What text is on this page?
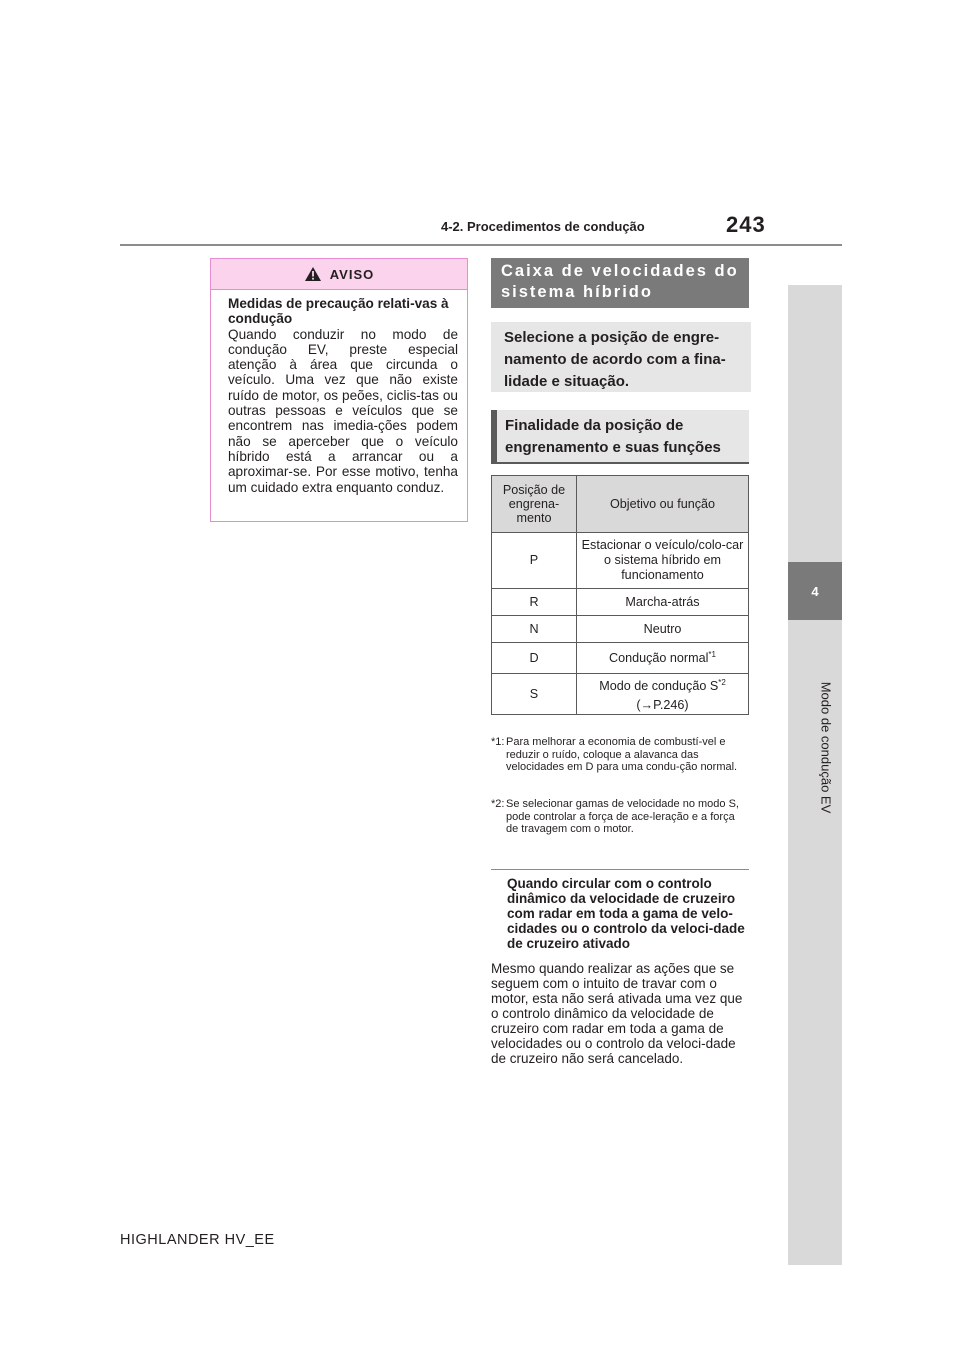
4-2. Procedimentos de condução	243
4
Modo de condução EV
AVISO
Medidas de precaução relati-vas à condução
Quando conduzir no modo de condução EV, preste especial atenção à área que circunda o veículo. Uma vez que não existe ruído de motor, os peões, ciclis-tas ou outras pessoas e veículos que se encontrem nas imedia-ções podem não se aperceber que o veículo híbrido está a arrancar ou a aproximar-se. Por esse motivo, tenha um cuidado extra enquanto conduz.
Caixa de velocidades do sistema híbrido
Selecione a posição de engre-namento de acordo com a fina-lidade e situação.
Finalidade da posição de engrenamento e suas funções
Posição de engrena-mento	Objetivo ou função
P	Estacionar o veículo/colo-car o sistema híbrido em funcionamento
R	Marcha-atrás
N	Neutro
D	Condução normal$^{*1}$
S	Modo de condução $S^{*2}$
(→P.246)
*1: Para melhorar a economia de combustí-vel e reduzir o ruído, coloque a alavanca das velocidades em D para uma condu-ção normal.
*2: Se selecionar gamas de velocidade no modo S, pode controlar a força de ace-leração e a força de travagem com o motor.
Quando circular com o controlo dinâmico da velocidade de cruzeiro com radar em toda a gama de velo-cidades ou o controlo da veloci-dade de cruzeiro ativado
Mesmo quando realizar as ações que se seguem com o intuito de travar com o motor, esta não será ativada uma vez que o controlo dinâmico da velocidade de cruzeiro com radar em toda a gama de velocidades ou o controlo da veloci-dade de cruzeiro não será cancelado.
HIGHLANDER HV_EE
